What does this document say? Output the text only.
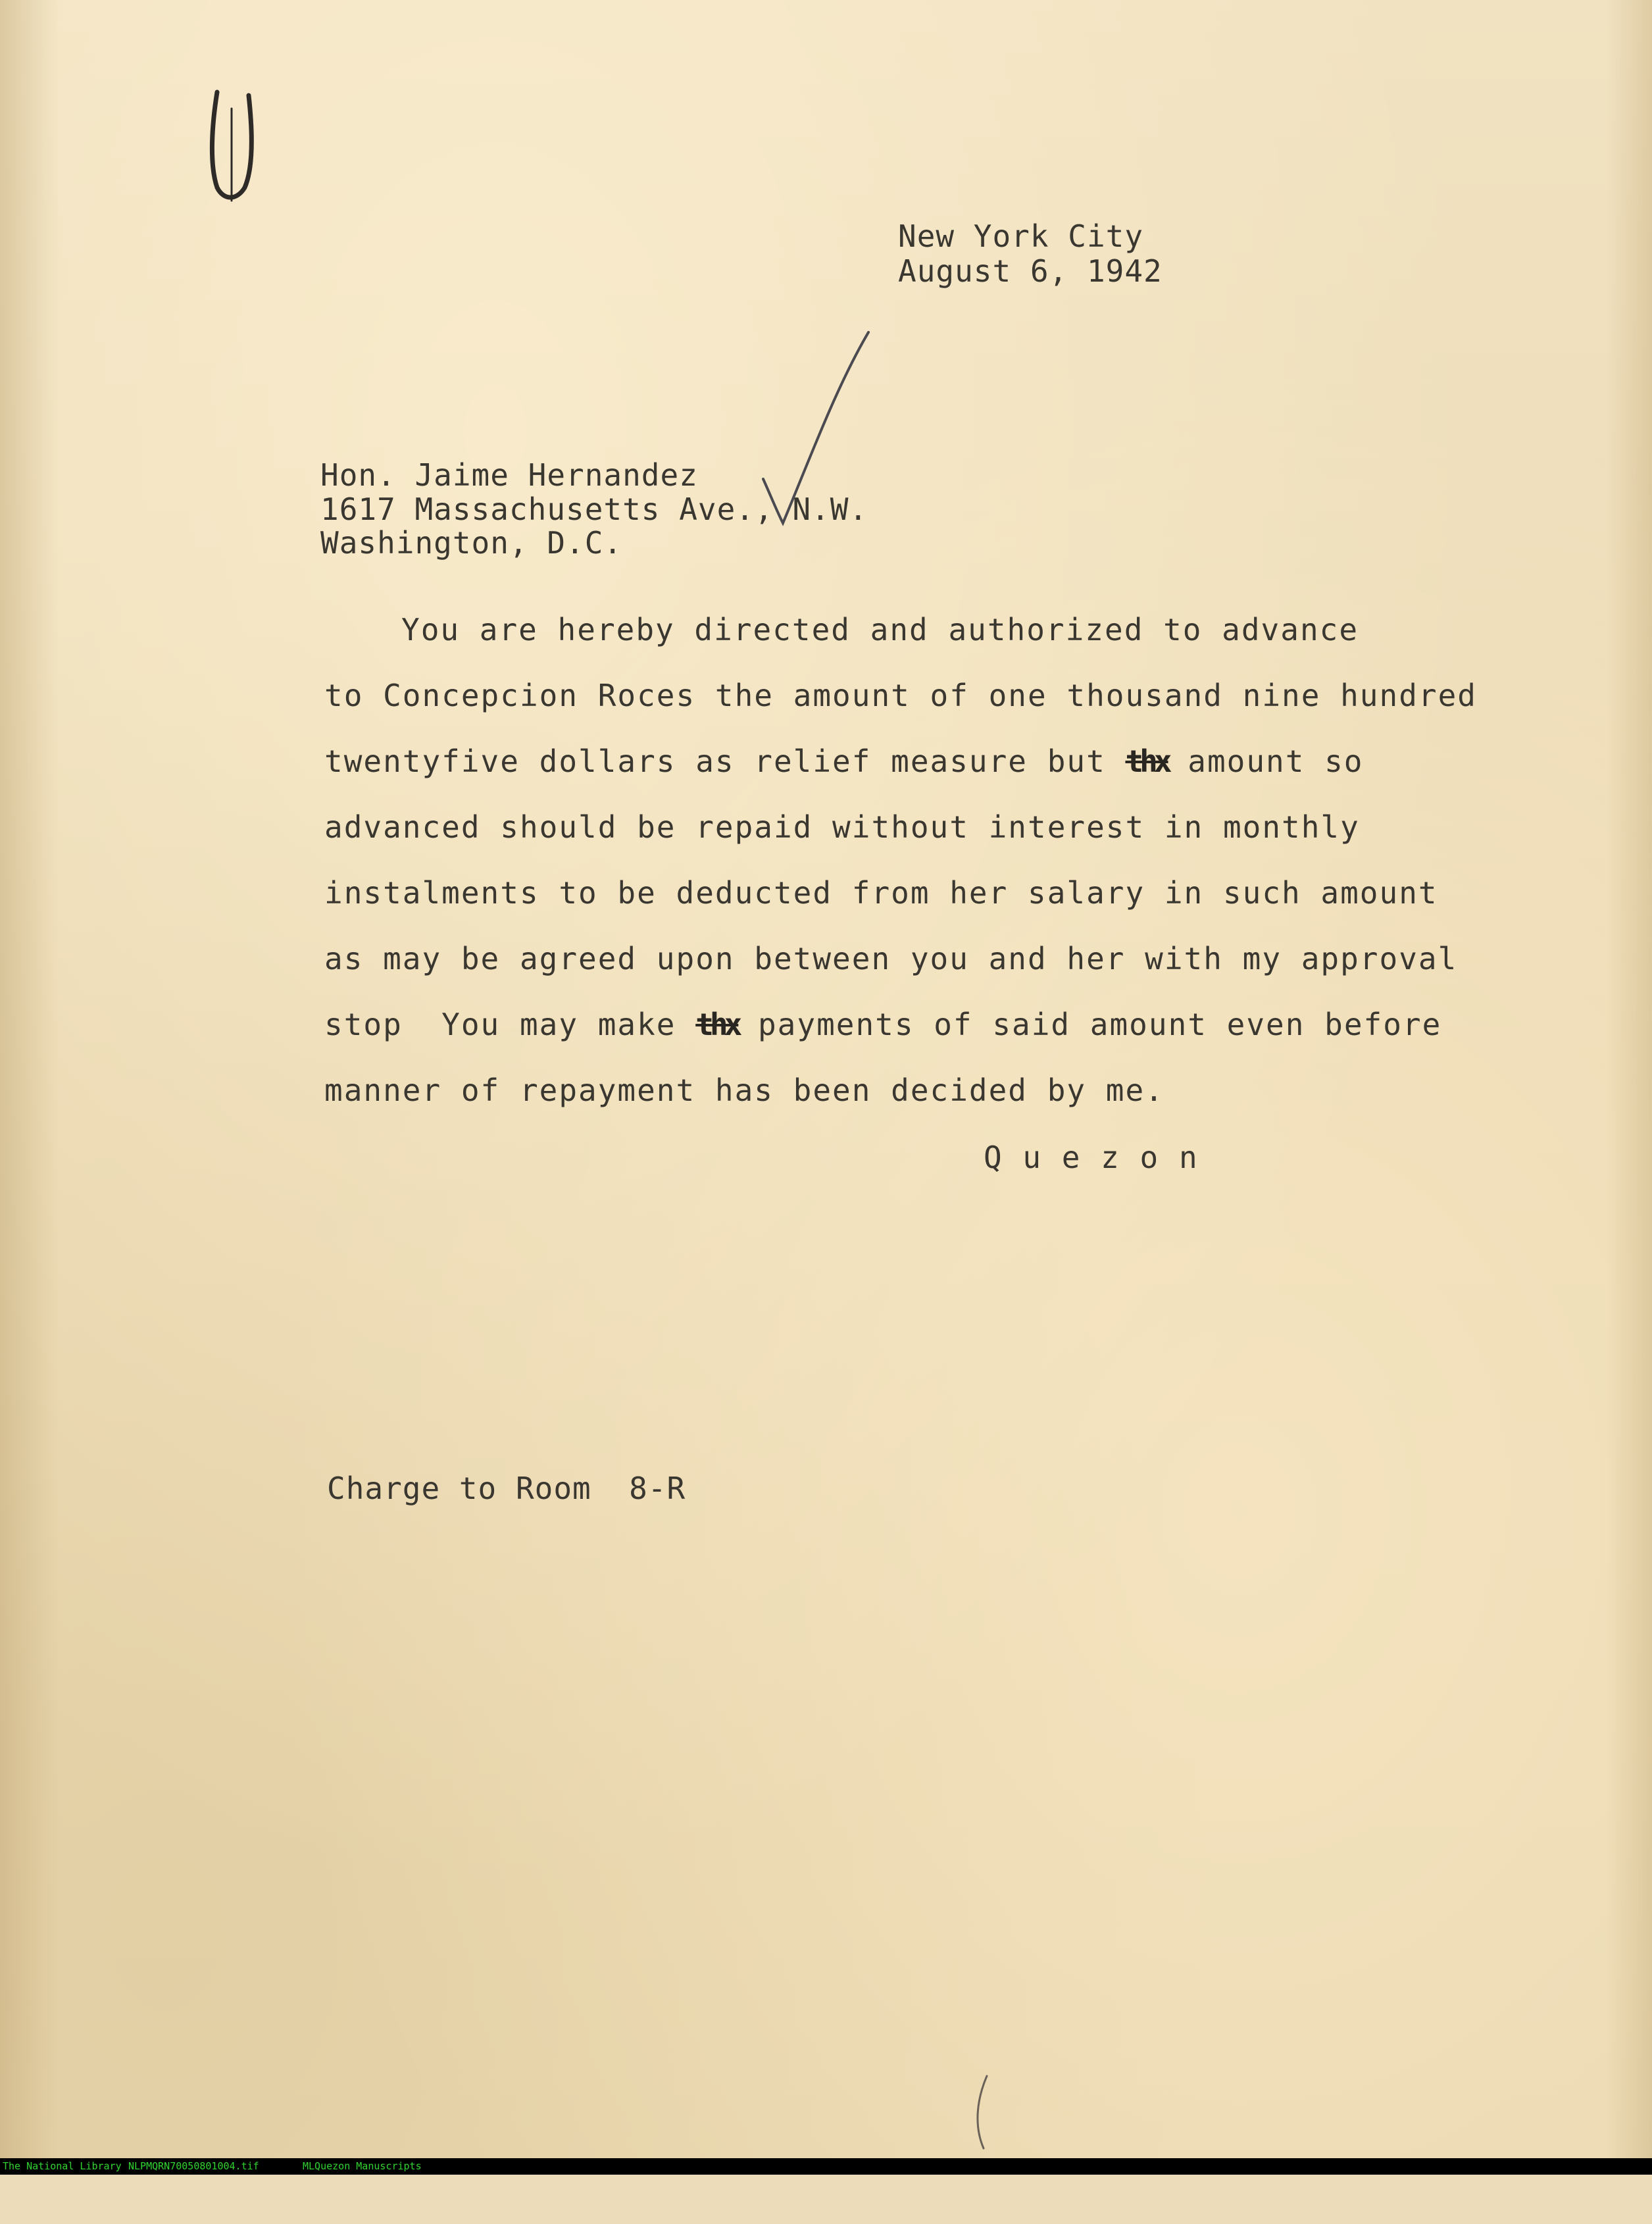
New York City
August 6, 1942
Hon. Jaime Hernandez
1617 Massachusetts Ave., N.W.
Washington, D.C.
You are hereby directed and authorized to advance
to Concepcion Roces the amount of one thousand nine hundred
twentyfive dollars as relief measure but thx amount so
advanced should be repaid without interest in monthly
instalments to be deducted from her salary in such amount
as may be agreed upon between you and her with my approval
stop  You may make thx payments of said amount even before
manner of repayment has been decided by me.
Q u e z o n
Charge to Room  8-R

The National Library

NLPMQRN70050801004.tif

	MLQuezon Manuscripts
